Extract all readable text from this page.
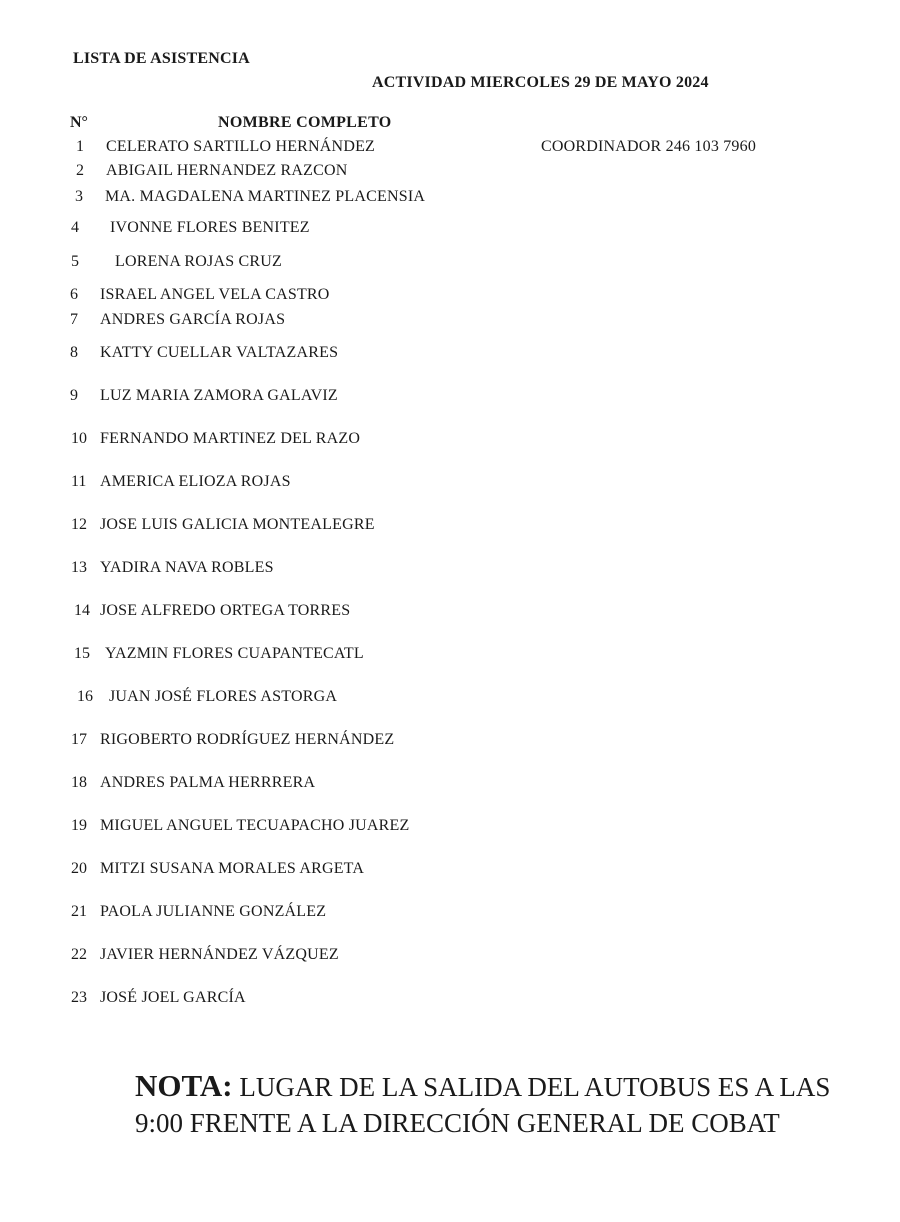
LISTA DE ASISTENCIA
ACTIVIDAD MIERCOLES 29 DE MAYO 2024
N°	NOMBRE COMPLETO
COORDINADOR 246 103 7960
1 CELERATO SARTILLO HERNÁNDEZ
2 ABIGAIL HERNANDEZ RAZCON
3 MA. MAGDALENA MARTINEZ PLACENSIA
4 IVONNE FLORES BENITEZ
5 LORENA ROJAS CRUZ
6 ISRAEL ANGEL VELA CASTRO
7 ANDRES GARCÍA ROJAS
8 KATTY CUELLAR VALTAZARES
9 LUZ MARIA ZAMORA GALAVIZ
10 FERNANDO MARTINEZ DEL RAZO
11 AMERICA ELIOZA ROJAS
12 JOSE LUIS GALICIA MONTEALEGRE
13 YADIRA NAVA ROBLES
14 JOSE ALFREDO ORTEGA TORRES
15 YAZMIN FLORES CUAPANTECATL
16 JUAN JOSÉ FLORES ASTORGA
17 RIGOBERTO RODRÍGUEZ HERNÁNDEZ
18 ANDRES PALMA HERRRERA
19 MIGUEL ANGUEL TECUAPACHO JUAREZ
20 MITZI SUSANA MORALES ARGETA
21 PAOLA JULIANNE GONZÁLEZ
22 JAVIER HERNÁNDEZ VÁZQUEZ
23 JOSÉ JOEL GARCÍA
NOTA: LUGAR DE LA SALIDA DEL AUTOBUS ES A LAS 9:00 FRENTE A LA DIRECCIÓN GENERAL DE COBAT
